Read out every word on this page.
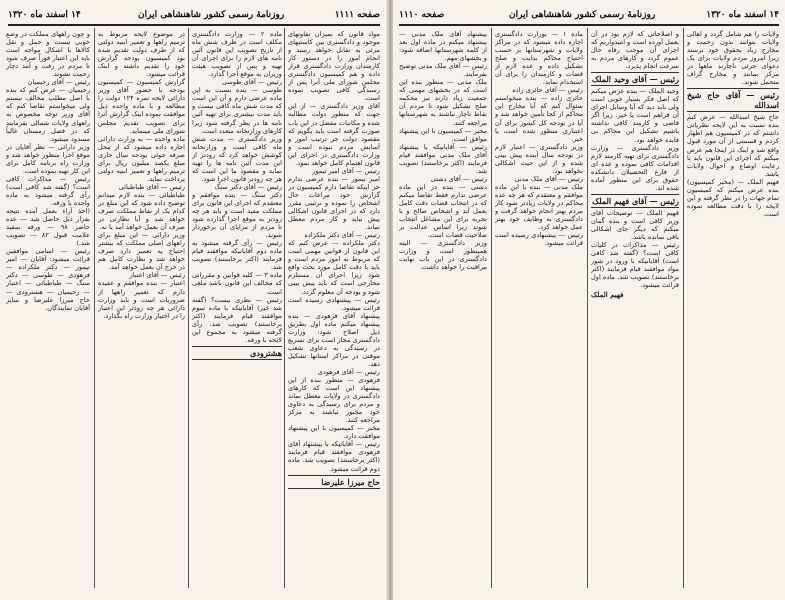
۱۴ اسفند ماه ۱۳۲۰	روزنامهٔ رسمی کشور شاهنشاهی ایران	صفحه ۱۱۱۱

مواد قانون که بمیزان تفاوتهای موجود و دادگستری بین کاستیهای مرئی به تقابل خواهد رسید و انجام امور را در دستور کار کارمندان وزارت دادگستری قرار داده و هم کمیسیون دادگستری مجلس شورای ملی آنرا پس از رسیدگی کافی تصویب نموده است.

آقای وزیر دادگستری — از این جهت که منظور دولت مطالبه شده و مکاتبات مفصل در این باب صورت گرفته است باید بگویم که مقصود دولت جز ترتیب امور و آسایش مردم نبوده است و وزارت دادگستری در اجرای این قانون اهتمام کامل خواهد نمود.

رئیس — آقای امیر تیمور

امیر تیمور — بنده عرضی ندارم جز اینکه تقاضا دارم کمیسیون در گزارش خود مراعات حال اشخاص را نموده و ترتیبی مقرر دارد که در اجرای قانون اشکالی پیش نیاید و کار مردم معطل نماند.

رئیس — آقای دکتر ملکزاده

دکتر ملکزاده — عرض کنم که این قانون از قوانین مهمی است که مربوط به امور مردم است و باید با دقت کامل مورد بحث واقع شود زیرا اجرای آن مستلزم مخارجی است که باید پیش بینی شود و بودجه آن معلوم گردد.

رئیس — پیشنهادی رسیده است قرائت میشود.

پیشنهاد آقای فرهودی — بنده پیشنهاد میکنم ماده اول بطریق ذیل اصلاح شود: وزارت دادگستری مجاز است برای تسریع در رسیدگی به دعاوی شعب موقتی در مراکز استانها تشکیل دهد.

رئیس — آقای فرهودی

فرهودی — منظور بنده از این پیشنهاد این است که کارهای دادگستری در ولایات معطل نماند و مردم برای رسیدگی به دعاوی خود مجبور نباشند به مرکز مراجعه کنند.

مخبر — کمیسیون با این پیشنهاد موافقت دارد.

رئیس — آقایانیکه با پیشنهاد آقای فرهودی موافقند قیام فرمایند (اکثر برخاستند) تصویب شد. ماده دوم قرائت میشود.

حاج میرزا علیرضا

ماده ۲ — وزارت دادگستری مکلف است در ظرف شش ماه از تاریخ تصویب این قانون آئین نامه های لازم را برای اجرای آن تهیه و پس از تصویب هیئت وزیران به موقع اجرا گذارد.

رئیس — آقای طوسی

طوسی — بنده نسبت به این ماده عرضی دارم و آن این است که مدت شش ماه کافی نیست و باید مدت بیشتری برای تهیه آئین نامه ها در نظر گرفته شود زیرا کارهای وزارتخانه متعدد است.

وزیر دادگستری — مدت شش ماه کافی است و وزارتخانه کوشش خواهد کرد که زودتر از این مدت آئین نامه ها را تهیه نماید و مقصود ما این است که هر چه زودتر قانون اجرا شود.

رئیس — آقای دکتر سنگ

دکتر سنگ — بنده موافقم و معتقدم که اجرای این قانون برای مملکت مفید است و باید هر چه زودتر به موقع اجرا گذارده شود تا مردم از مزایای آن برخوردار شوند.

رئیس — رأی گرفته میشود به ماده دوم آقایانیکه موافقند قیام فرمایند (اکثر برخاستند) تصویب شد.

ماده ۳ — کلیه قوانین و مقرراتی که مخالف این قانون باشد ملغی است.

رئیس — نظری نیست؟ (گفته شد خیر) آقایانیکه با ماده سوم موافقند قیام فرمایند (اکثر برخاستند) تصویب شد. رأی گرفته میشود به مجموع این لایحه با ورقه.

هشترودی

در موضوع لایحه مربوط به ترمیم راهها و تعمیر ابنیه دولتی که از طرف دولت تقدیم شده بود کمیسیون بودجه گزارش خود را تقدیم داشته و اینک قرائت میشود.

گزارش کمیسیون — کمیسیون بودجه با حضور آقای وزیر دارائی لایحه نمره ۱۲۴ دولت را مطالعه و با ماده واحده ذیل موافقت نموده اینک گزارش آنرا برای تصویب تقدیم مجلس شورای ملی مینماید.

ماده واحده — به وزارت دارائی اجازه داده میشود که از محل صرفه جوئی بودجه سال جاری مبلغ یکصد میلیون ریال برای ترمیم راهها و تعمیر ابنیه دولتی پرداخت نماید.

رئیس — آقای طباطبائی

طباطبائی — بنده لازم میدانم توضیح داده شود که این مبلغ در کدام یک از نقاط مملکت صرف خواهد شد و آیا نظارتی در صرف آن بعمل خواهد آمد یا نه.

وزیر دارائی — این مبلغ برای راههای اصلی مملکت که بیشتر احتیاج به تعمیر دارد صرف خواهد شد و نظارت کامل هم در خرج آن بعمل خواهد آمد.

رئیس — آقای اعتبار

اعتبار — بنده موافقم و عقیده دارم که تعمیر راهها از ضروریات است و باید وزارت دارائی هر چه زودتر این اعتبار را در اختیار وزارت راه بگذارد.

و چون راههای مملکت در وضع خوبی نیست و حمل و نقل کالاها با اشکال مواجه است باید این اعتبار فوراً صرف شود تا مردم در رفت و آمد دچار زحمت نشوند.

رئیس — آقای رحیمیان

رحیمیان — عرض کنم که بنده با اصل مطلب مخالف نیستم ولی میخواستم تقاضا کنم که آقای وزیر توجه مخصوص به راههای ولایات شمالی بفرمایند که در فصل زمستان غالباً مسدود میشود.

وزیر دارائی — نظر آقایان در موقع اجرا منظور خواهد شد و وزارت راه برنامه کامل برای این کار تهیه نموده است.

رئیس — مذاکرات کافی است؟ (گفته شد کافی است) رأی گرفته میشود به ماده واحده با ورقه.

(اخذ آراء بعمل آمده نتیجه بقرار ذیل حاصل شد — عده حاضر ۹۸ — ورقه سفید علامت قبول ۸۲ — تصویب شد.)

رئیس — اسامی موافقین قرائت میشود: آقایان — امیر تیمور — دکتر ملکزاده — فرهودی — طوسی — دکتر سنگ — طباطبائی — اعتبار — رحیمیان — هشترودی — حاج میرزا علیرضا و سایر آقایان نمایندگان.

صفحه ۱۱۱۰	روزنامهٔ رسمی کشور شاهنشاهی ایران	۱۴ اسفند ماه ۱۳۲۰

ولایات را هم شامل گردد و اهالی ولایات بتوانند بدون زحمت و مخارج زیاد بحقوق خود برسند زیرا امروز مردم ولایات برای یک دعوای جزئی ناچارند ماهها در مرکز بمانند و مخارج گزاف متحمل شوند.

رئیس — آقای حاج شیخ اسدالله

حاج شیخ اسدالله — عرض کنم بنده نسبت به این لایحه نظریاتی داشتم که در کمیسیون هم اظهار کردم و قسمتی از آن مورد قبول واقع شد و اینک در اینجا هم عرض میکنم که اجرای این قانون باید با رعایت اوضاع و احوال ولایات باشد.

فهیم الملک — (مخبر کمیسیون) بنده عرض میکنم که کمیسیون تمام جهات را در نظر گرفته و این لایحه را با دقت مطالعه نموده است.

و اصلاحاتی که لازم بود در آن بعمل آورده است و امیدواریم که اجرای آن موجب رفاه حال عموم گردد و کارهای مردم به سرعت انجام پذیرد.

رئیس — آقای وحید الملک

وحید الملک — بنده عرض میکنم که اصل فکر بسیار خوبی است ولی باید دید که آیا وسایل اجرای آن فراهم است یا خیر. زیرا اگر قاضی و کارمند کافی نداشته باشیم تشکیل این محاکم بی فایده خواهد بود.

وزیر دادگستری — وزارت دادگستری برای تهیه کارمند لازم اقدامات کافی نموده و عده ای از فارغ التحصیلان دانشکده حقوق برای این منظور آماده شده اند.

رئیس — آقای فهیم الملک

فهیم الملک — توضیحات آقای وزیر کافی است و بنده گمان میکنم که دیگر جای اشکالی باقی نمانده باشد.

رئیس — مذاکرات در کلیات کافی است؟ (گفته شد کافی است) آقایانیکه با ورود در شور مواد موافقند قیام فرمایند (اکثر برخاستند) تصویب شد. ماده اول قرائت میشود.

فهیم الملک

ماده ۱ — بوزارت دادگستری اجازه داده میشود که در مراکز ولایات و شهرستانها بر حسب احتیاج محاکم بدایت و صلح تشکیل داده و عده لازم از قضات و کارمندان را برای آن استخدام نماید.

رئیس — آقای حائری زاده

حائری زاده — بنده میخواستم سئوال کنم که آیا مخارج این محاکم از کجا تأمین خواهد شد و آیا در بودجه کل کشور برای آن اعتباری منظور شده است یا خیر.

وزیر دادگستری — اعتبار لازم در بودجه سال آینده پیش بینی شده و از این حیث اشکالی نخواهد بود.

رئیس — آقای ملک مدنی

ملک مدنی — بنده با این ماده موافقم و معتقدم که هر چه عده محاکم در ولایات زیادتر شود کار مردم بهتر انجام خواهد گرفت و دادگستری به وظایف خود بهتر عمل خواهد کرد.

رئیس — پیشنهادی رسیده است قرائت میشود.

پیشنهاد آقای ملک مدنی — پیشنهاد میکنم در ماده اول بعد از کلمه شهرستانها اضافه شود: و بخشهای مهم.

رئیس — آقای ملک مدنی توضیح بفرمایند.

ملک مدنی — منظور بنده این است که در بخشهای مهمی که جمعیت زیاد دارند نیز محکمه صلح تشکیل شود تا مردم آن نقاط ناچار نباشند به شهرستانها مراجعه کنند.

مخبر — کمیسیون با این پیشنهاد موافق است.

رئیس — آقایانیکه با پیشنهاد آقای ملک مدنی موافقند قیام فرمایند (اکثر برخاستند) تصویب شد.

رئیس — آقای دشتی

دشتی — بنده در این ماده عرضی ندارم فقط تقاضا میکنم که در انتخاب قضات دقت کامل بعمل آید و اشخاص صالح و با تجربه برای این مشاغل انتخاب شوند زیرا اساس عدالت بر صلاحیت قضات است.

وزیر دادگستری — البته همینطور است و وزارت دادگستری در این باب نهایت مراقبت را خواهد داشت.
